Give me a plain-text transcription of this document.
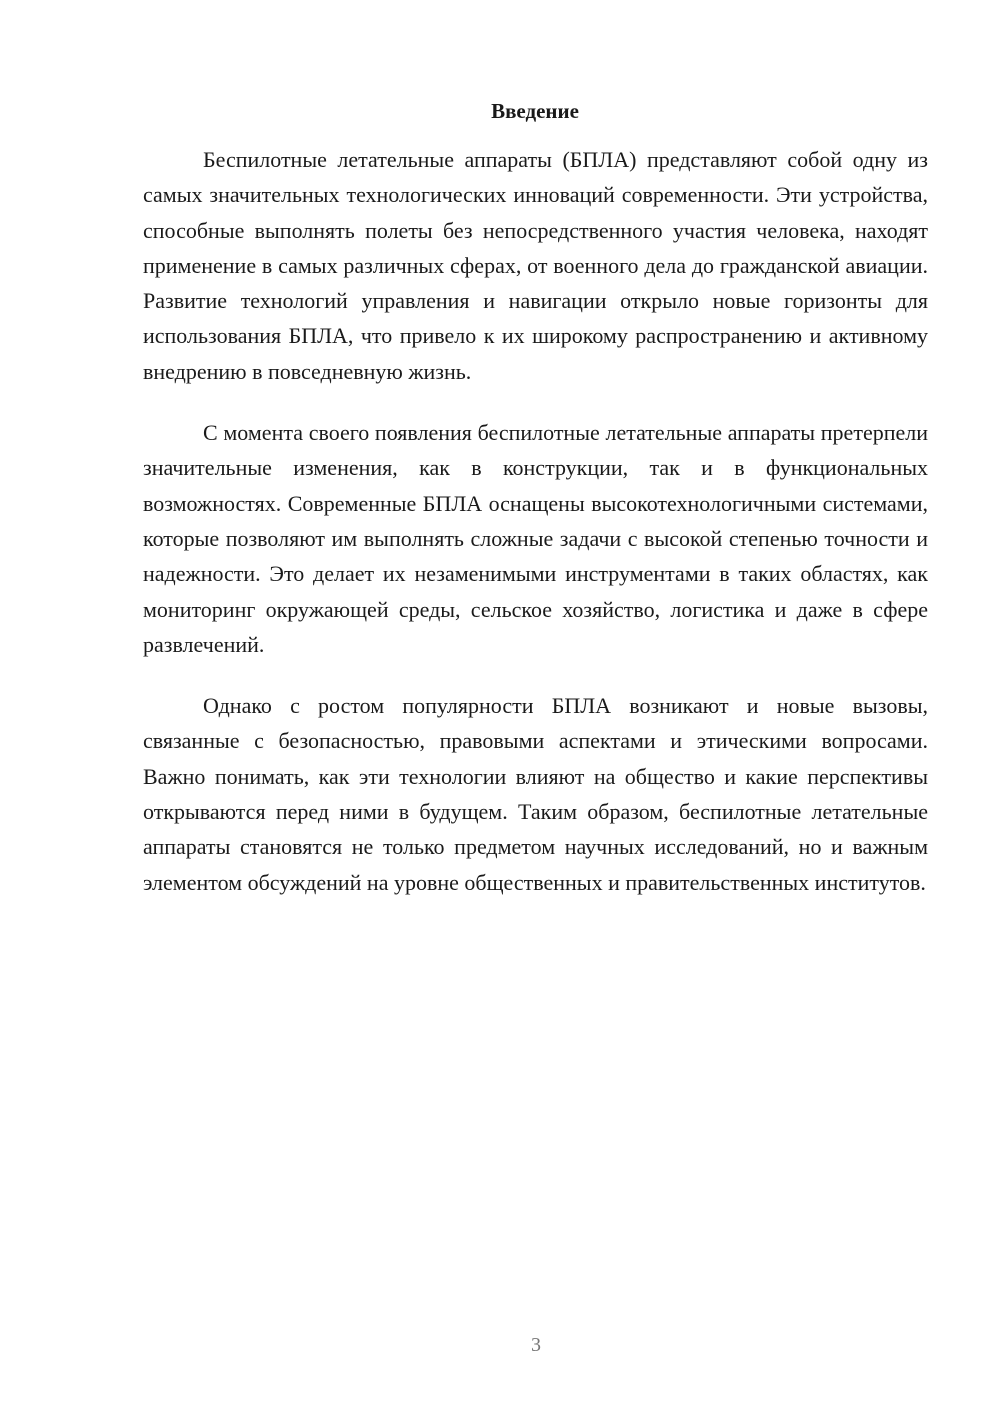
Введение

Беспилотные летательные аппараты (БПЛА) представляют собой одну из самых значительных технологических инноваций современности. Эти устройства, способные выполнять полеты без непосредственного участия человека, находят применение в самых различных сферах, от военного дела до гражданской авиации. Развитие технологий управления и навигации открыло новые горизонты для использования БПЛА, что привело к их широкому распространению и активному внедрению в повседневную жизнь.

С момента своего появления беспилотные летательные аппараты претерпели значительные изменения, как в конструкции, так и в функциональных возможностях. Современные БПЛА оснащены высокотехнологичными системами, которые позволяют им выполнять сложные задачи с высокой степенью точности и надежности. Это делает их незаменимыми инструментами в таких областях, как мониторинг окружающей среды, сельское хозяйство, логистика и даже в сфере развлечений.

Однако с ростом популярности БПЛА возникают и новые вызовы, связанные с безопасностью, правовыми аспектами и этическими вопросами. Важно понимать, как эти технологии влияют на общество и какие перспективы открываются перед ними в будущем. Таким образом, беспилотные летательные аппараты становятся не только предметом научных исследований, но и важным элементом обсуждений на уровне общественных и правительственных институтов.

3
